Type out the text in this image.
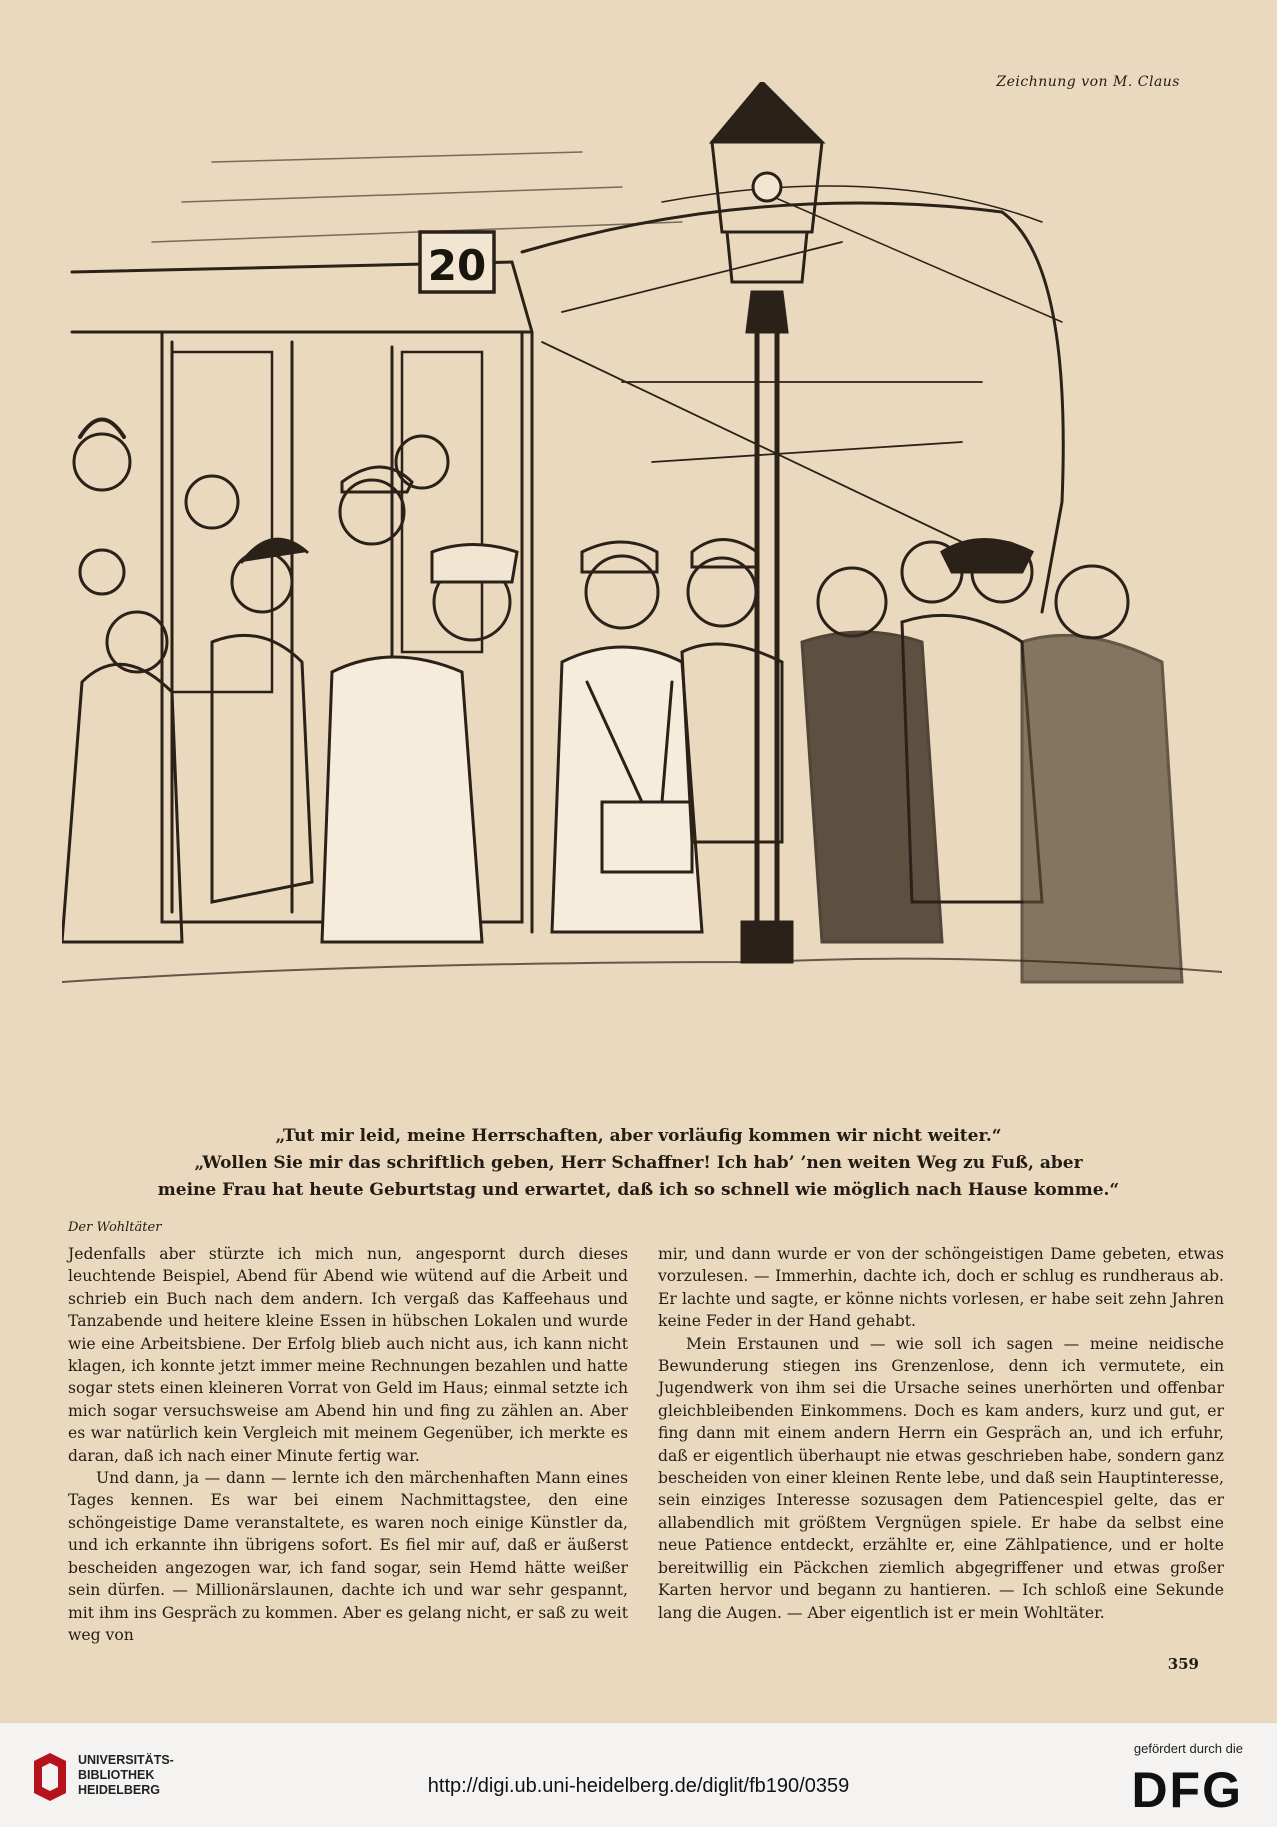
Zeichnung von M. Claus
20
„Tut mir leid, meine Herrschaften, aber vorläufig kommen wir nicht weiter.“
„Wollen Sie mir das schriftlich geben, Herr Schaffner! Ich hab’ ’nen weiten Weg zu Fuß, aber
meine Frau hat heute Geburtstag und erwartet, daß ich so schnell wie möglich nach Hause komme.“
Der Wohltäter

Jedenfalls aber stürzte ich mich nun, angespornt durch dieses leuchtende Beispiel, Abend für Abend wie wütend auf die Arbeit und schrieb ein Buch nach dem andern. Ich vergaß das Kaffeehaus und Tanzabende und heitere kleine Essen in hübschen Lokalen und wurde wie eine Arbeitsbiene. Der Erfolg blieb auch nicht aus, ich kann nicht klagen, ich konnte jetzt immer meine Rechnungen bezahlen und hatte sogar stets einen kleineren Vorrat von Geld im Haus; einmal setzte ich mich sogar versuchsweise am Abend hin und fing zu zählen an. Aber es war natürlich kein Vergleich mit meinem Gegenüber, ich merkte es daran, daß ich nach einer Minute fertig war.

Und dann, ja — dann — lernte ich den märchenhaften Mann eines Tages kennen. Es war bei einem Nachmittagstee, den eine schöngeistige Dame veranstaltete, es waren noch einige Künstler da, und ich erkannte ihn übrigens sofort. Es fiel mir auf, daß er äußerst bescheiden angezogen war, ich fand sogar, sein Hemd hätte weißer sein dürfen. — Millionärslaunen, dachte ich und war sehr gespannt, mit ihm ins Gespräch zu kommen. Aber es gelang nicht, er saß zu weit weg von

mir, und dann wurde er von der schöngeistigen Dame gebeten, etwas vorzulesen. — Immerhin, dachte ich, doch er schlug es rundheraus ab. Er lachte und sagte, er könne nichts vorlesen, er habe seit zehn Jahren keine Feder in der Hand gehabt.

Mein Erstaunen und — wie soll ich sagen — meine neidische Bewunderung stiegen ins Grenzenlose, denn ich vermutete, ein Jugendwerk von ihm sei die Ursache seines unerhörten und offenbar gleichbleibenden Einkommens. Doch es kam anders, kurz und gut, er fing dann mit einem andern Herrn ein Gespräch an, und ich erfuhr, daß er eigentlich überhaupt nie etwas geschrieben habe, sondern ganz bescheiden von einer kleinen Rente lebe, und daß sein Hauptinteresse, sein einziges Interesse sozusagen dem Patiencespiel gelte, das er allabendlich mit größtem Vergnügen spiele. Er habe da selbst eine neue Patience entdeckt, erzählte er, eine Zählpatience, und er holte bereitwillig ein Päckchen ziemlich abgegriffener und etwas großer Karten hervor und begann zu hantieren. — Ich schloß eine Sekunde lang die Augen. — Aber eigentlich ist er mein Wohltäter.

359
UNIVERSITÄTS-
BIBLIOTHEK
HEIDELBERG	http://digi.ub.uni-heidelberg.de/diglit/fb190/0359
gefördert durch die
DFG
